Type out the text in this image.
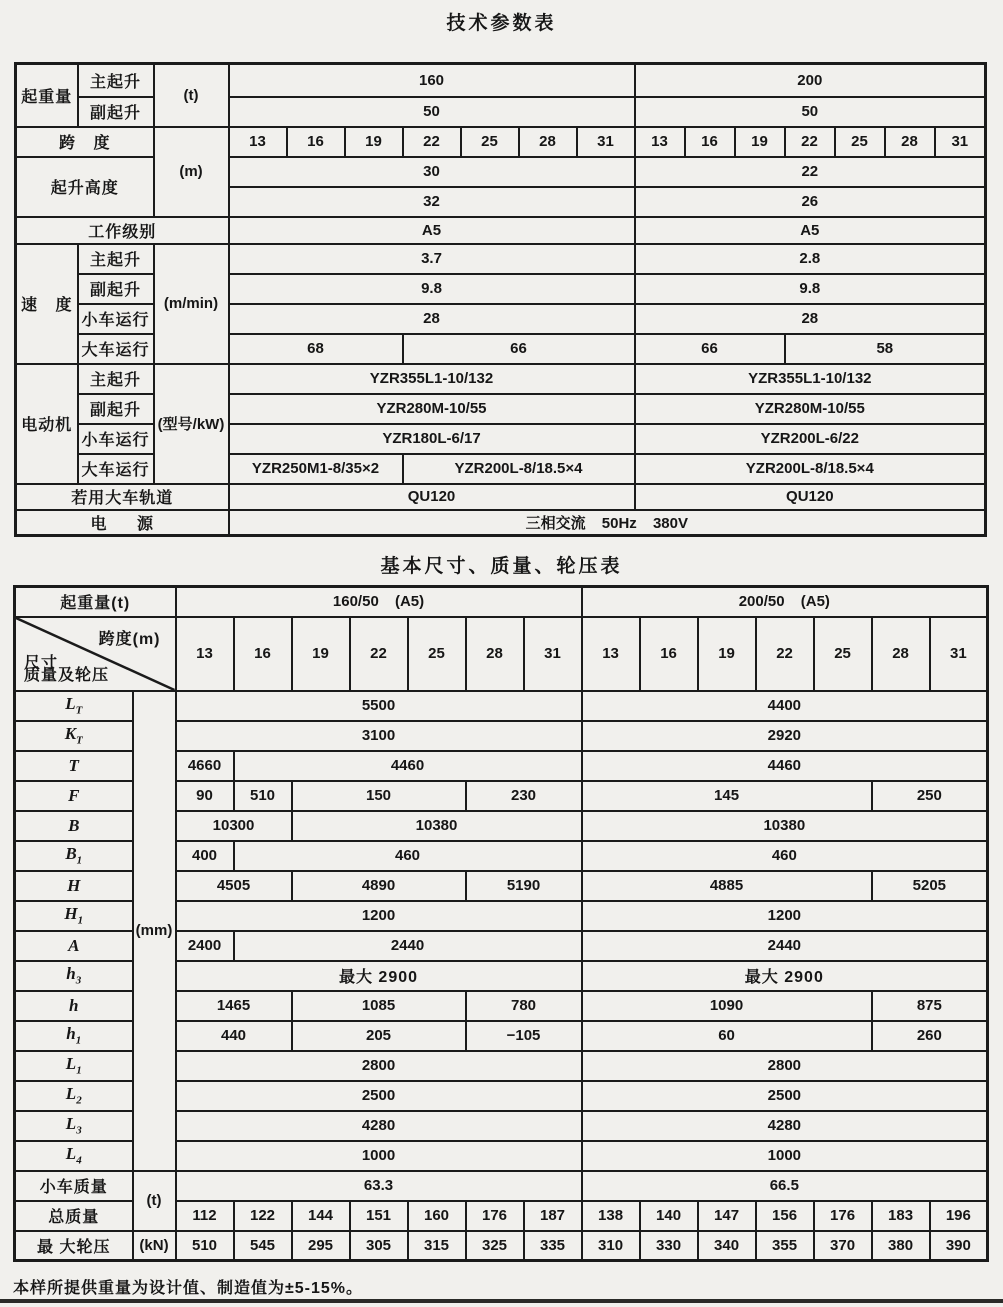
技术参数表
起重量	主起升	(t)	160							200						
	副起升		50							50						
跨 度		(m)	13	16	19	22	25	28	31	13	16	19	22	25	28	31
起升高度			30							22						
			32							26						
工作级别			A5							A5						
速 度	主起升	(m/min)	3.7							2.8						
	副起升		9.8							9.8						
	小车运行		28							28						
	大车运行		68			66				66			58			
电动机	主起升	(型号/kW)	YZR355L1-10/132							YZR355L1-10/132						
	副起升		YZR280M-10/55							YZR280M-10/55						
	小车运行		YZR180L-6/17							YZR200L-6/22						
	大车运行		YZR250M1-8/35×2			YZR200L-8/18.5×4				YZR200L-8/18.5×4						
若用大车轨道			QU120							QU120						
电 源			三相交流 50Hz 380V													
基本尺寸、质量、轮压表
起重量(t)		160/50 (A5)							200/50 (A5)						

跨度(m)
尺寸
质量及轮压		13	16	19	22	25	28	31	13	16	19	22	25	28	31
$L_T$	(mm)	5500							4400						
$K_T$		3100							2920						
T		4660	4460						4460						
F		90	510	150			230		145					250	
B		10300		10380					10380						
$B_1$		400	460						460						
H		4505		4890			5190		4885					5205	
$H_1$		1200							1200						
A		2400	2440						2440						
$h_3$		最大 2900							最大 2900						
h		1465		1085			780		1090					875	
$h_1$		440		205			−105		60					260	
$L_1$		2800							2800						
$L_2$		2500							2500						
$L_3$		4280							4280						
$L_4$		1000							1000						
小车质量	(t)	63.3							66.5						
总质量		112	122	144	151	160	176	187	138	140	147	156	176	183	196
最 大轮压	(kN)	510	545	295	305	315	325	335	310	330	340	355	370	380	390
本样所提供重量为设计值、制造值为±5-15%。
